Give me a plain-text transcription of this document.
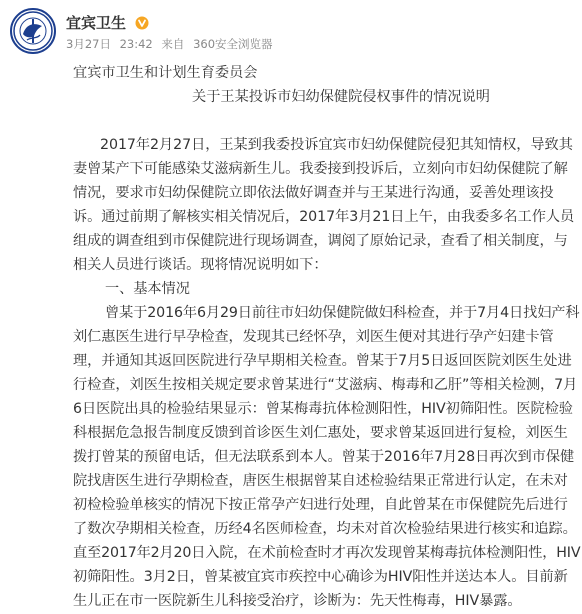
宜宾卫生
3月27日 23:42 来自 360安全浏览器
宜宾市卫生和计划生育委员会
关于王某投诉市妇幼保健院侵权事件的情况说明
2017年2月27日，王某到我委投诉宜宾市妇幼保健院侵犯其知情权，导致其
妻曾某产下可能感染艾滋病新生儿。我委接到投诉后，立刻向市妇幼保健院了解
情况，要求市妇幼保健院立即依法做好调查并与王某进行沟通，妥善处理该投
诉。通过前期了解核实相关情况后，2017年3月21日上午，由我委多名工作人员
组成的调查组到市保健院进行现场调查，调阅了原始记录，查看了相关制度，与
相关人员进行谈话。现将情况说明如下：
一、基本情况
曾某于2016年6月29日前往市妇幼保健院做妇科检查，并于7月4日找妇产科
刘仁惠医生进行早孕检查，发现其已经怀孕，刘医生便对其进行孕产妇建卡管
理，并通知其返回医院进行孕早期相关检查。曾某于7月5日返回医院刘医生处进
行检查，刘医生按相关规定要求曾某进行“艾滋病、梅毒和乙肝”等相关检测，7月
6日医院出具的检验结果显示：曾某梅毒抗体检测阳性，HIV初筛阳性。医院检验
科根据危急报告制度反馈到首诊医生刘仁惠处，要求曾某返回进行复检，刘医生
拨打曾某的预留电话，但无法联系到本人。曾某于2016年7月28日再次到市保健
院找唐医生进行孕期检查，唐医生根据曾某自述检验结果正常进行认定，在未对
初检检验单核实的情况下按正常孕产妇进行处理，自此曾某在市保健院先后进行
了数次孕期相关检查，历经4名医师检查，均未对首次检验结果进行核实和追踪。
直至2017年2月20日入院，在术前检查时才再次发现曾某梅毒抗体检测阳性，HIV
初筛阳性。3月2日，曾某被宜宾市疾控中心确诊为HIV阳性并送达本人。目前新
生儿正在市一医院新生儿科接受治疗，诊断为：先天性梅毒，HIV暴露。
